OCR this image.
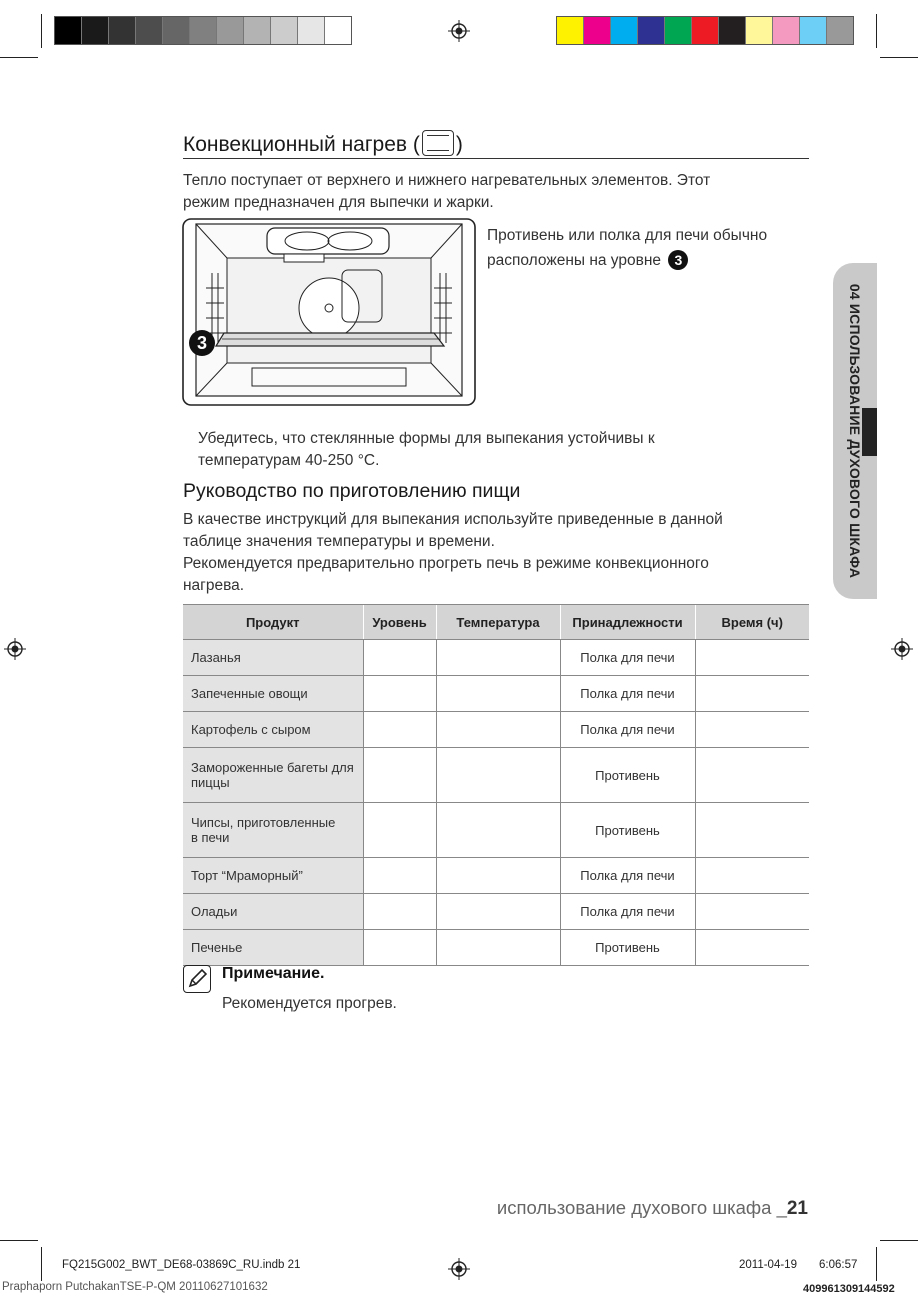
Конвекционный нагрев ( )
Тепло поступает от верхнего и нижнего нагревательных элементов. Этот
режим предназначен для выпечки и жарки.
3
Противень или полка для печи обычно
расположены на уровне 3
Убедитесь, что стеклянные формы для выпекания устойчивы к
температурам 40-250 °C.
Руководство по приготовлению пищи
В качестве инструкций для выпекания используйте приведенные в данной
таблице значения температуры и времени.
Рекомендуется предварительно прогреть печь в режиме конвекционного
нагрева.
04 ИСПОЛЬЗОВАНИЕ ДУХОВОГО ШКАФА
Продукт	Уровень	Температура	Принадлежности	Время (ч)
Лазанья			Полка для печи	
Запеченные овощи			Полка для печи	
Картофель с сыром			Полка для печи	

Замороженные багеты для
пиццы			Противень	

Чипсы, приготовленные
в печи			Противень	
Торт “Мраморный”			Полка для печи	
Оладьи			Полка для печи	
Печенье			Противень	
Примечание.
Рекомендуется прогрев.
использование духового шкафа _21
FQ215G002_BWT_DE68-03869C_RU.indb 21	2011-04-19 6:06:57
Praphaporn PutchakanTSE-P-QM 20110627101632	409961309144592
